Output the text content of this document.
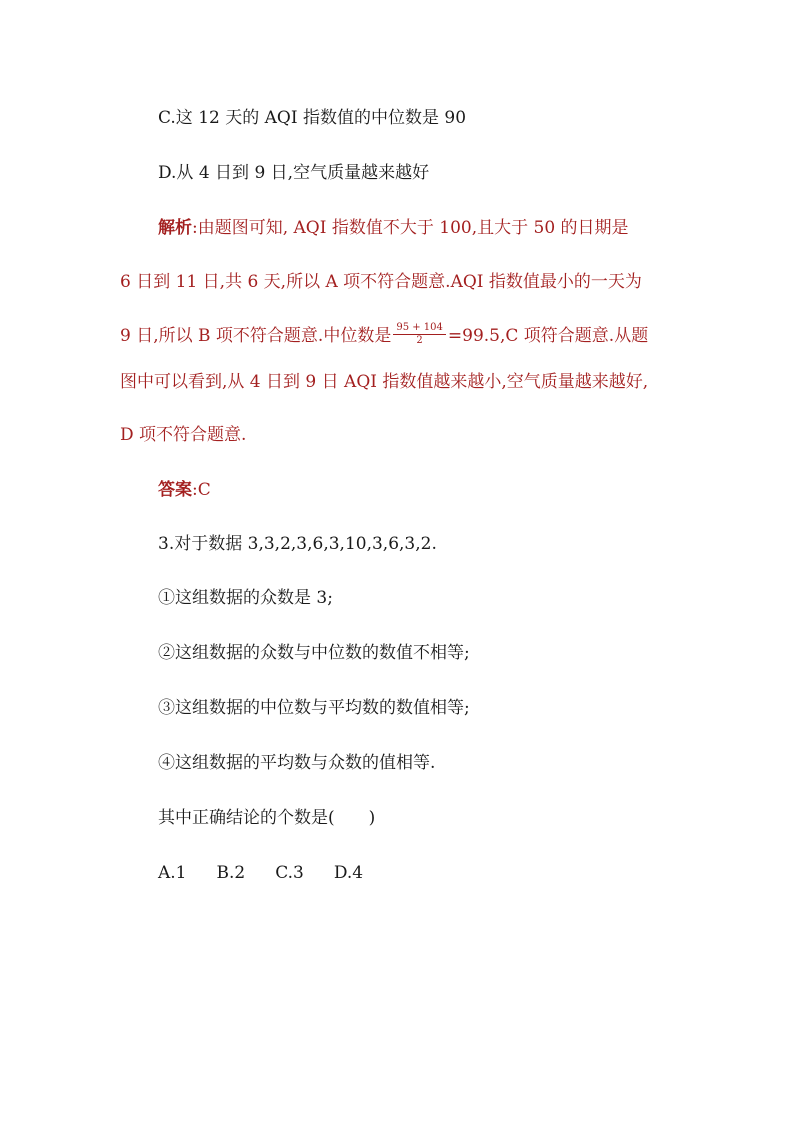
C.这 12 天的 AQI 指数值的中位数是 90
D.从 4 日到 9 日,空气质量越来越好
解析:由题图可知, AQI 指数值不大于 100,且大于 50 的日期是
6 日到 11 日,共 6 天,所以 A 项不符合题意.AQI 指数值最小的一天为
9 日,所以 B 项不符合题意.中位数是 $\frac{95 + 104}{2} =99.5,C$ 项符合题意.从题
图中可以看到,从 4 日到 9 日 AQI 指数值越来越小,空气质量越来越好,
D 项不符合题意.
答案:C
3.对于数据 3,3,2,3,6,3,10,3,6,3,2.
①这组数据的众数是 3;
②这组数据的众数与中位数的数值不相等;
③这组数据的中位数与平均数的数值相等;
④这组数据的平均数与众数的值相等.
其中正确结论的个数是(　　)
A.1 B.2 C.3 D.4
